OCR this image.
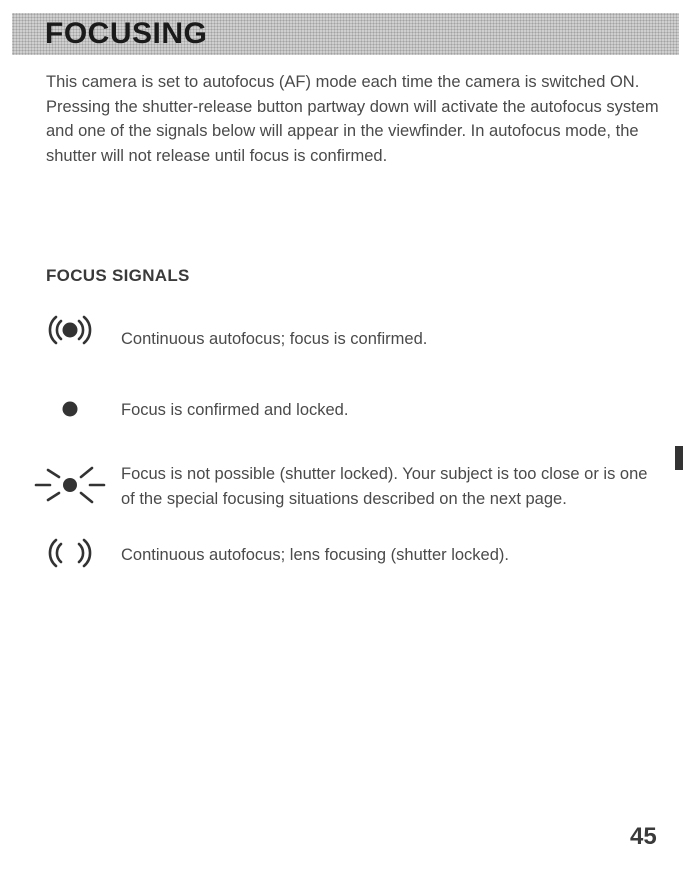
FOCUSING

This camera is set to autofocus (AF) mode each time the camera is switched ON. Pressing the shutter-release button partway down will activate the autofocus system and one of the signals below will appear in the viewfinder. In autofocus mode, the shutter will not release until focus is confirmed.

FOCUS SIGNALS

Continuous autofocus; focus is confirmed.

Focus is confirmed and locked.

Focus is not possible (shutter locked). Your subject is too close or is one of the special focusing situations described on the next page.

Continuous autofocus; lens focusing (shutter locked).

45
